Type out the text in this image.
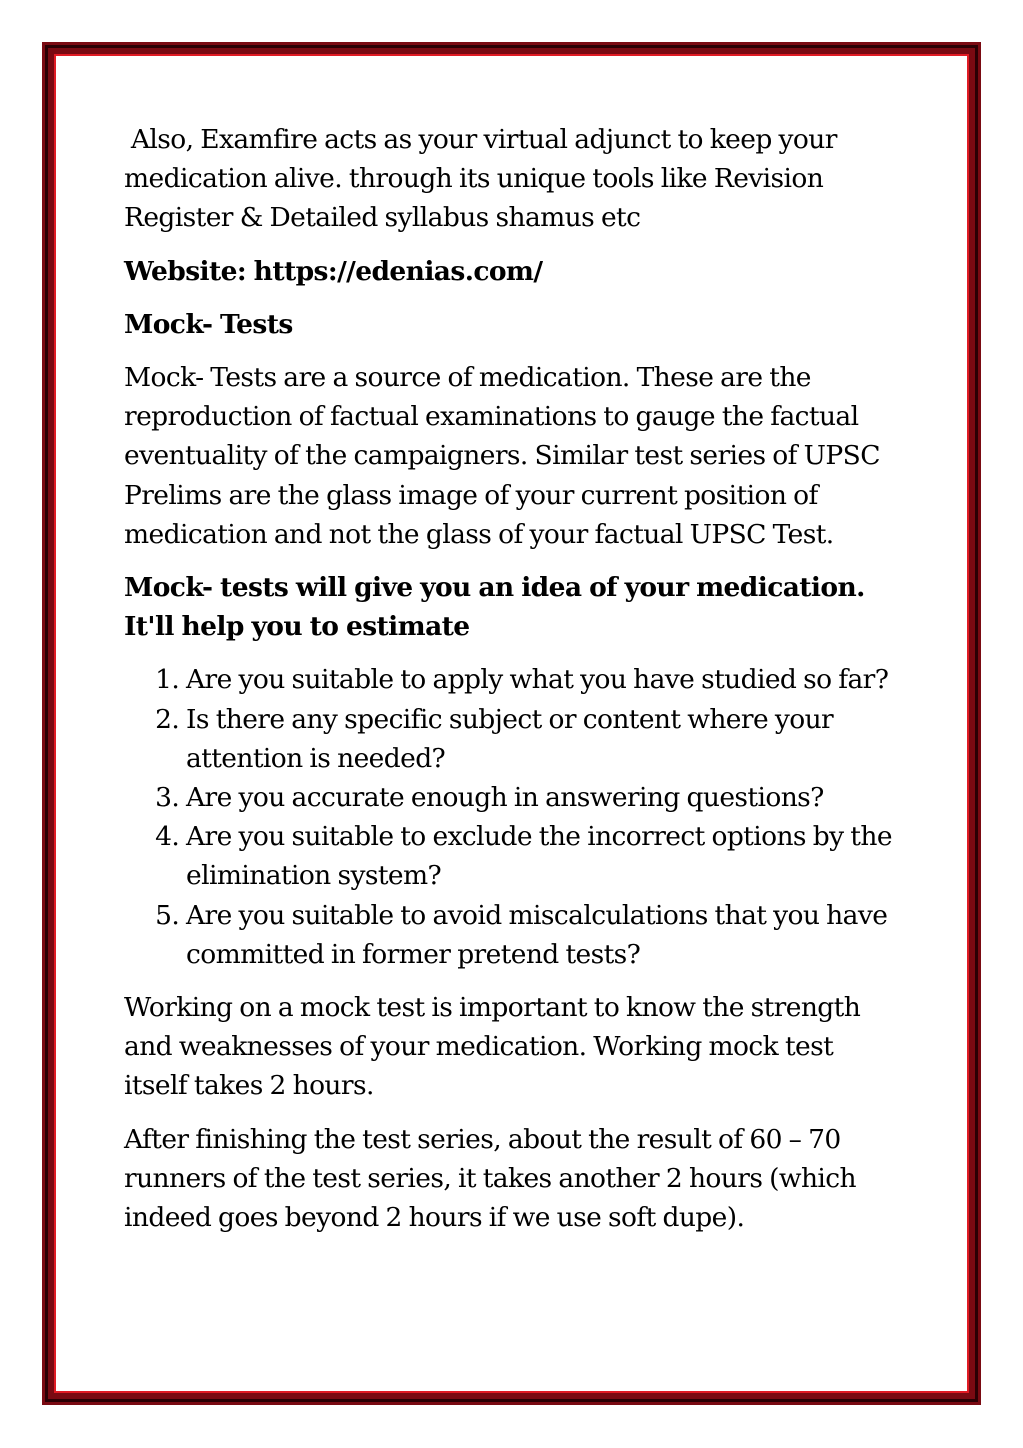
Also, Examfire acts as your virtual adjunct to keep your medication alive. through its unique tools like Revision Register & Detailed syllabus shamus etc

Website: https://edenias.com/

Mock- Tests

Mock- Tests are a source of medication. These are the reproduction of factual examinations to gauge the factual eventuality of the campaigners. Similar test series of UPSC Prelims are the glass image of your current position of medication and not the glass of your factual UPSC Test.

Mock- tests will give you an idea of your medication. It'll help you to estimate

1. Are you suitable to apply what you have studied so far?
2. Is there any specific subject or content where your attention is needed?
3. Are you accurate enough in answering questions?
4. Are you suitable to exclude the incorrect options by the elimination system?
5. Are you suitable to avoid miscalculations that you have committed in former pretend tests?

Working on a mock test is important to know the strength and weaknesses of your medication. Working mock test itself takes 2 hours.

After finishing the test series, about the result of 60 – 70 runners of the test series, it takes another 2 hours (which indeed goes beyond 2 hours if we use soft dupe).
